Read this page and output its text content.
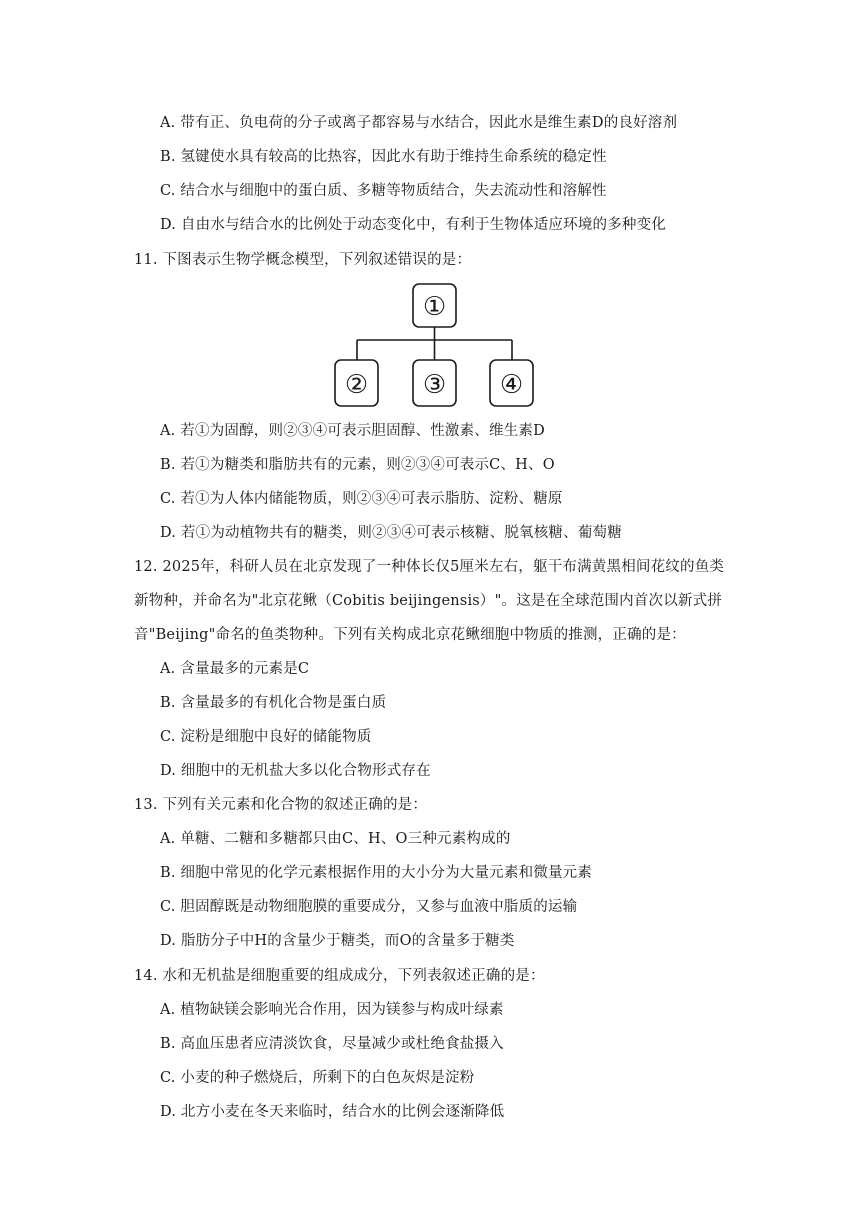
A. 带有正、负电荷的分子或离子都容易与水结合，因此水是维生素D的良好溶剂
B. 氢键使水具有较高的比热容，因此水有助于维持生命系统的稳定性
C. 结合水与细胞中的蛋白质、多糖等物质结合，失去流动性和溶解性
D. 自由水与结合水的比例处于动态变化中，有利于生物体适应环境的多种变化
11. 下图表示生物学概念模型，下列叙述错误的是：
①
② ③ ④
A. 若①为固醇，则②③④可表示胆固醇、性激素、维生素D
B. 若①为糖类和脂肪共有的元素，则②③④可表示C、H、O
C. 若①为人体内储能物质，则②③④可表示脂肪、淀粉、糖原
D. 若①为动植物共有的糖类，则②③④可表示核糖、脱氧核糖、葡萄糖
12. 2025年，科研人员在北京发现了一种体长仅5厘米左右，躯干布满黄黑相间花纹的鱼类
新物种，并命名为"北京花鳅（Cobitis beijingensis）"。这是在全球范围内首次以新式拼
音"Beijing"命名的鱼类物种。下列有关构成北京花鳅细胞中物质的推测，正确的是：
A. 含量最多的元素是C
B. 含量最多的有机化合物是蛋白质
C. 淀粉是细胞中良好的储能物质
D. 细胞中的无机盐大多以化合物形式存在
13. 下列有关元素和化合物的叙述正确的是：
A. 单糖、二糖和多糖都只由C、H、O三种元素构成的
B. 细胞中常见的化学元素根据作用的大小分为大量元素和微量元素
C. 胆固醇既是动物细胞膜的重要成分，又参与血液中脂质的运输
D. 脂肪分子中H的含量少于糖类，而O的含量多于糖类
14. 水和无机盐是细胞重要的组成成分，下列表叙述正确的是：
A. 植物缺镁会影响光合作用，因为镁参与构成叶绿素
B. 高血压患者应清淡饮食，尽量减少或杜绝食盐摄入
C. 小麦的种子燃烧后，所剩下的白色灰烬是淀粉
D. 北方小麦在冬天来临时，结合水的比例会逐渐降低
